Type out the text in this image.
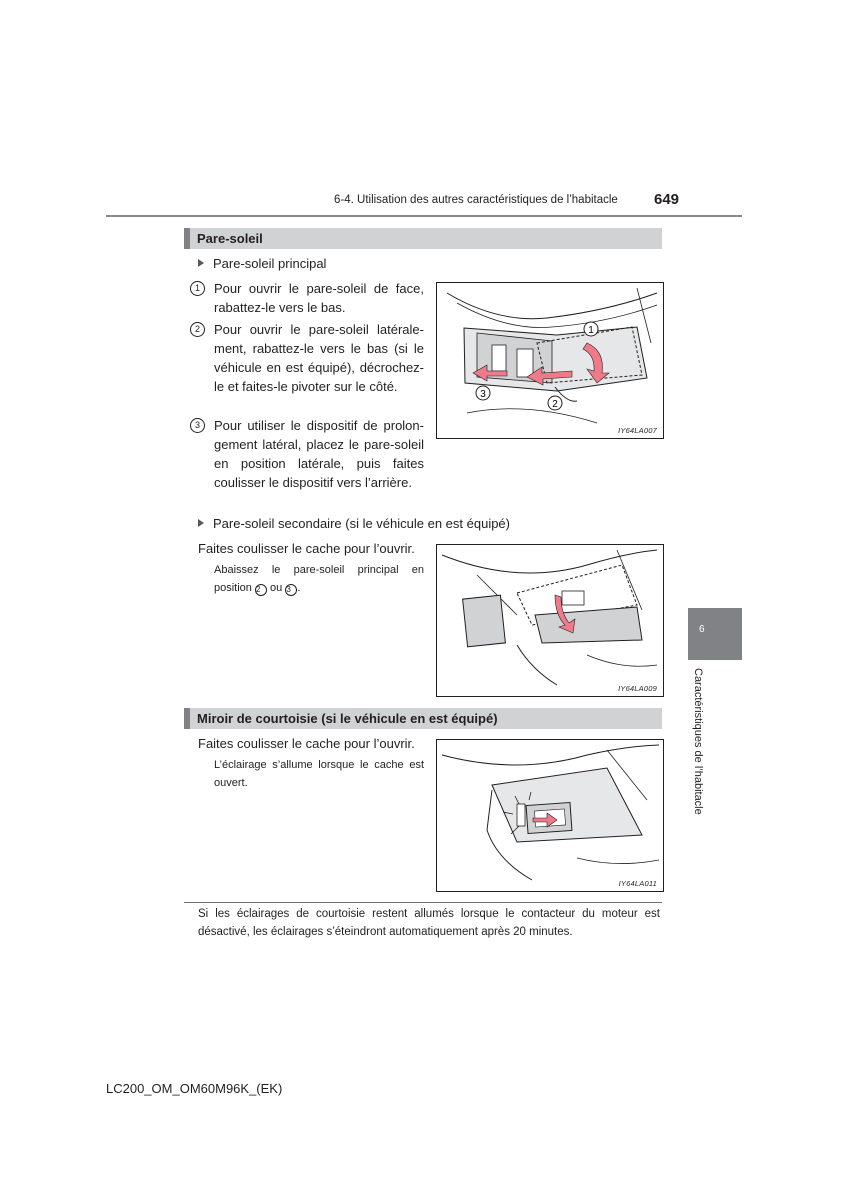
6-4. Utilisation des autres caractéristiques de l’habitacle 649
Pare-soleil
Pare-soleil principal
1	Pour ouvrir le pare-soleil de face, rabattez-le vers le bas.
2	Pour ouvrir le pare-soleil latéralement, rabattez-le vers le bas (si le véhicule en est équipé), décrochez-le et faites-le pivoter sur le côté.
3	Pour utiliser le dispositif de prolongement latéral, placez le pare-soleil en position latérale, puis faites coulisser le dispositif vers l’arrière.
1
2
3
IY64LA007
Pare-soleil secondaire (si le véhicule en est équipé)
Faites coulisser le cache pour l’ouvrir.
Abaissez le pare-soleil principal en position 2 ou 3 .
IY64LA009
Miroir de courtoisie (si le véhicule en est équipé)
Faites coulisser le cache pour l’ouvrir.
L’éclairage s’allume lorsque le cache est ouvert.
IY64LA011
Si les éclairages de courtoisie restent allumés lorsque le contacteur du moteur est désactivé, les éclairages s’éteindront automatiquement après 20 minutes.
6
Caractéristiques de l’habitacle
LC200_OM_OM60M96K_(EK)
